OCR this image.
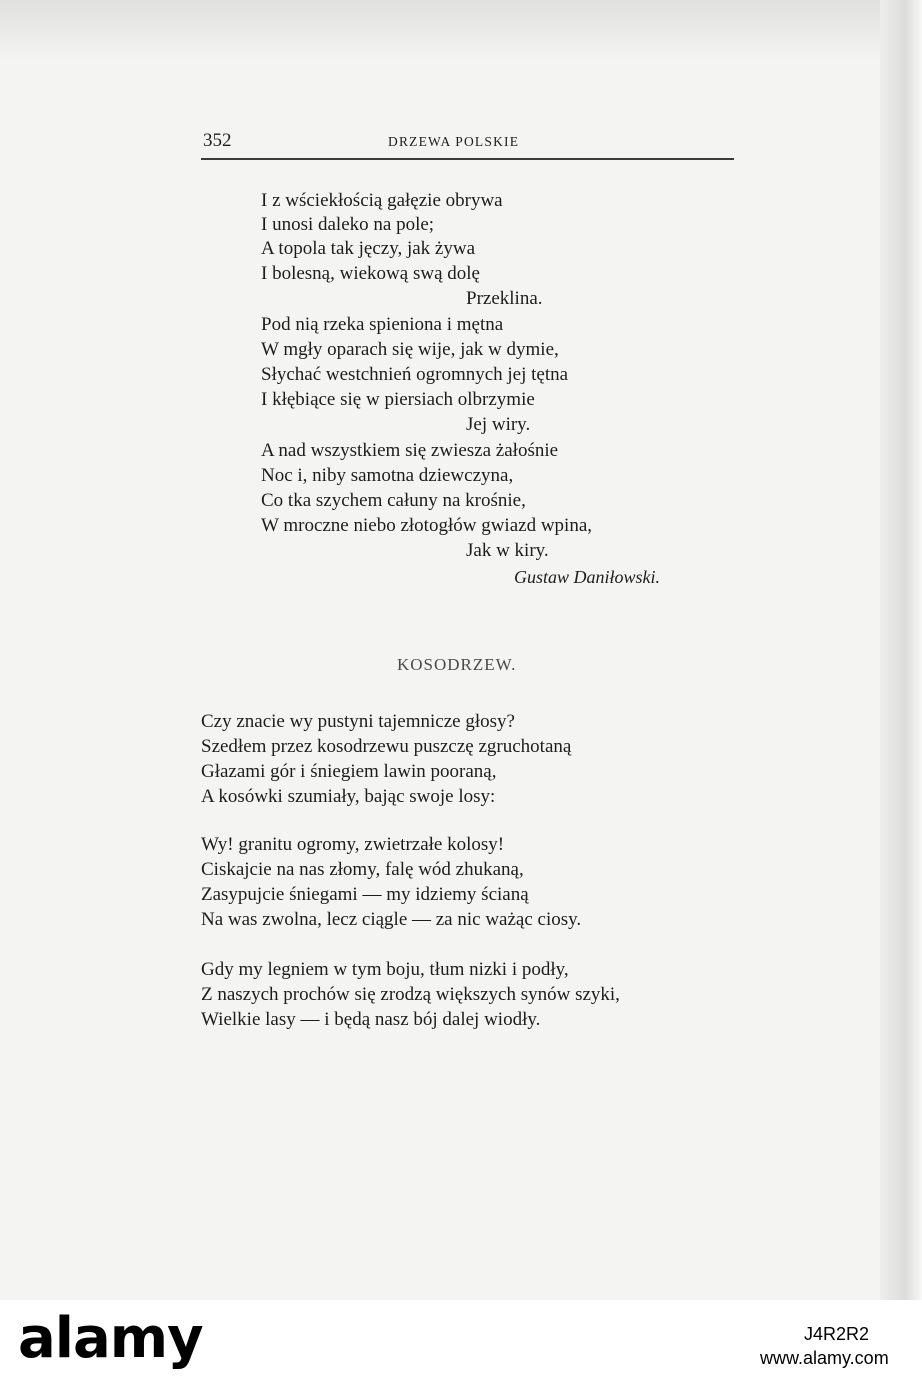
352	DRZEWA POLSKIE
I z wściekłością gałęzie obrywa
I unosi daleko na pole;
A topola tak jęczy, jak żywa
I bolesną, wiekową swą dolę
Przeklina.
Pod nią rzeka spieniona i mętna
W mgły oparach się wije, jak w dymie,
Słychać westchnień ogromnych jej tętna
I kłębiące się w piersiach olbrzymie
Jej wiry.
A nad wszystkiem się zwiesza żałośnie
Noc i, niby samotna dziewczyna,
Co tka szychem całuny na krośnie,
W mroczne niebo złotogłów gwiazd wpina,
Jak w kiry.
Gustaw Daniłowski.
KOSODRZEW.
Czy znacie wy pustyni tajemnicze głosy?
Szedłem przez kosodrzewu puszczę zgruchotaną
Głazami gór i śniegiem lawin pooraną,
A kosówki szumiały, bając swoje losy:
Wy! granitu ogromy, zwietrzałe kolosy!
Ciskajcie na nas złomy, falę wód zhukaną,
Zasypujcie śniegami — my idziemy ścianą
Na was zwolna, lecz ciągle — za nic ważąc ciosy.
Gdy my legniem w tym boju, tłum nizki i podły,
Z naszych prochów się zrodzą większych synów szyki,
Wielkie lasy — i będą nasz bój dalej wiodły.
alamy	J4R2R2
www.alamy.com
